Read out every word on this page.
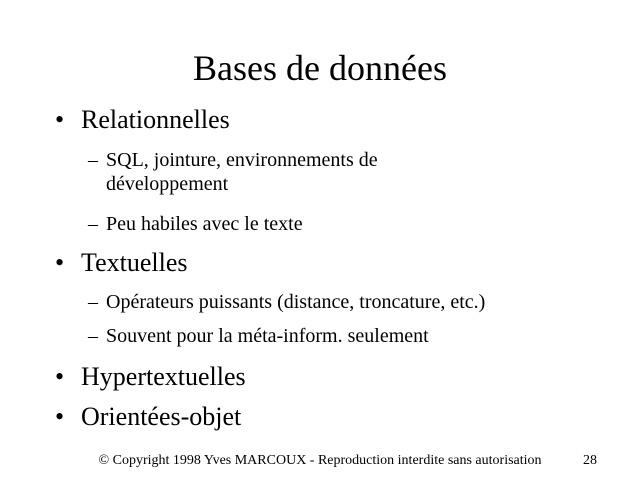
Bases de données
• Relationnelles
– SQL, jointure, environnements de
développement
– Peu habiles avec le texte
• Textuelles
– Opérateurs puissants (distance, troncature, etc.)
– Souvent pour la méta-inform. seulement
• Hypertextuelles
• Orientées-objet
© Copyright 1998 Yves MARCOUX - Reproduction interdite sans autorisation	28
